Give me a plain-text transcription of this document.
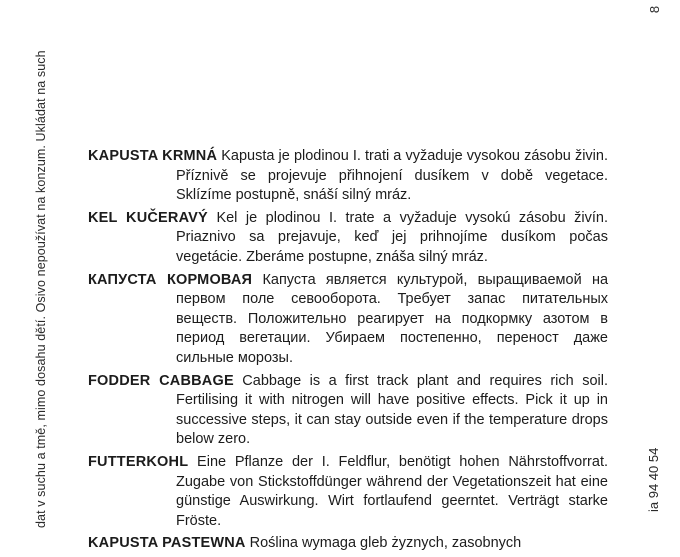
dat v suchu a tmě, mimo dosahu dětí. Osivo nepoužívat na konzum. Ukládat na such	ia 94 40 54
8

KAPUSTA KRMNÁ Kapusta je plodinou I. trati a vyžaduje vysokou zásobu živin. Příznivě se projevuje přihnojení dusíkem v době vegetace. Sklízíme postupně, snáší silný mráz.

KEL KUČERAVÝ Kel je plodinou I. trate a vyžaduje vysokú zásobu živín. Priaznivo sa prejavuje, keď jej prihnojíme dusíkom počas vegetácie. Zberáme postupne, znáša silný mráz.

КАПУСТА КОРМОВАЯ Капуста является культурой, выращиваемой на первом поле севооборота. Требует запас питательных веществ. Положительно реагирует на подкормку азотом в период вегетации. Убираем постепенно, переност даже сильные морозы.

FODDER CABBAGE Cabbage is a first track plant and requires rich soil. Fertilising it with nitrogen will have positive effects. Pick it up in successive steps, it can stay outside even if the temperature drops below zero.

FUTTERKOHL Eine Pflanze der I. Feldflur, benötigt hohen Nährstoffvorrat. Zugabe von Stickstoffdünger während der Vegetationszeit hat eine günstige Auswirkung. Wirt fortlaufend geerntet. Verträgt starke Fröste.

KAPUSTA PASTEWNA Roślina wymaga gleb żyznych, zasobnych
